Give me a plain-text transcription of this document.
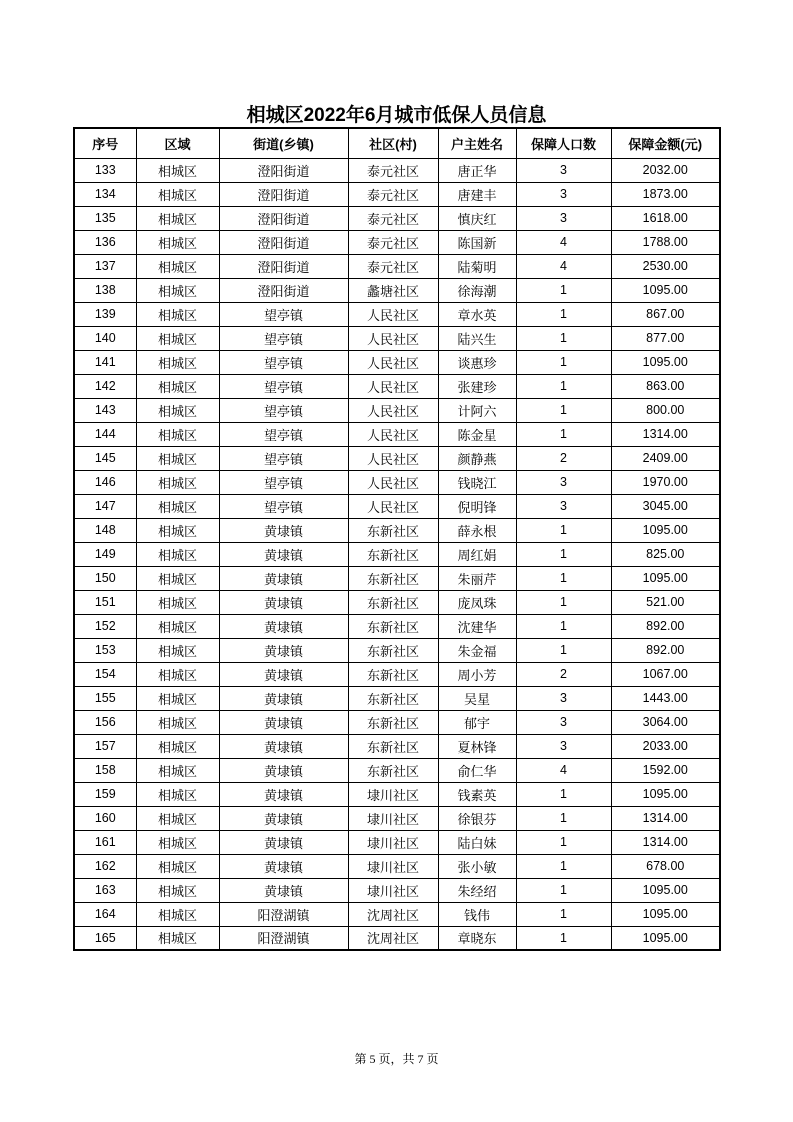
相城区2022年6月城市低保人员信息
序号	区域	街道(乡镇)	社区(村)	户主姓名	保障人口数	保障金额(元)
133	相城区	澄阳街道	泰元社区	唐正华	3	2032.00
134	相城区	澄阳街道	泰元社区	唐建丰	3	1873.00
135	相城区	澄阳街道	泰元社区	慎庆红	3	1618.00
136	相城区	澄阳街道	泰元社区	陈国新	4	1788.00
137	相城区	澄阳街道	泰元社区	陆菊明	4	2530.00
138	相城区	澄阳街道	蠡塘社区	徐海潮	1	1095.00
139	相城区	望亭镇	人民社区	章水英	1	867.00
140	相城区	望亭镇	人民社区	陆兴生	1	877.00
141	相城区	望亭镇	人民社区	谈惠珍	1	1095.00
142	相城区	望亭镇	人民社区	张建珍	1	863.00
143	相城区	望亭镇	人民社区	计阿六	1	800.00
144	相城区	望亭镇	人民社区	陈金星	1	1314.00
145	相城区	望亭镇	人民社区	颜静燕	2	2409.00
146	相城区	望亭镇	人民社区	钱晓江	3	1970.00
147	相城区	望亭镇	人民社区	倪明锋	3	3045.00
148	相城区	黄埭镇	东新社区	薛永根	1	1095.00
149	相城区	黄埭镇	东新社区	周红娟	1	825.00
150	相城区	黄埭镇	东新社区	朱丽芹	1	1095.00
151	相城区	黄埭镇	东新社区	庞凤珠	1	521.00
152	相城区	黄埭镇	东新社区	沈建华	1	892.00
153	相城区	黄埭镇	东新社区	朱金福	1	892.00
154	相城区	黄埭镇	东新社区	周小芳	2	1067.00
155	相城区	黄埭镇	东新社区	吴星	3	1443.00
156	相城区	黄埭镇	东新社区	郁宇	3	3064.00
157	相城区	黄埭镇	东新社区	夏林锋	3	2033.00
158	相城区	黄埭镇	东新社区	俞仁华	4	1592.00
159	相城区	黄埭镇	埭川社区	钱素英	1	1095.00
160	相城区	黄埭镇	埭川社区	徐银芬	1	1314.00
161	相城区	黄埭镇	埭川社区	陆白妹	1	1314.00
162	相城区	黄埭镇	埭川社区	张小敏	1	678.00
163	相城区	黄埭镇	埭川社区	朱经绍	1	1095.00
164	相城区	阳澄湖镇	沈周社区	钱伟	1	1095.00
165	相城区	阳澄湖镇	沈周社区	章晓东	1	1095.00
第 5 页，共 7 页
